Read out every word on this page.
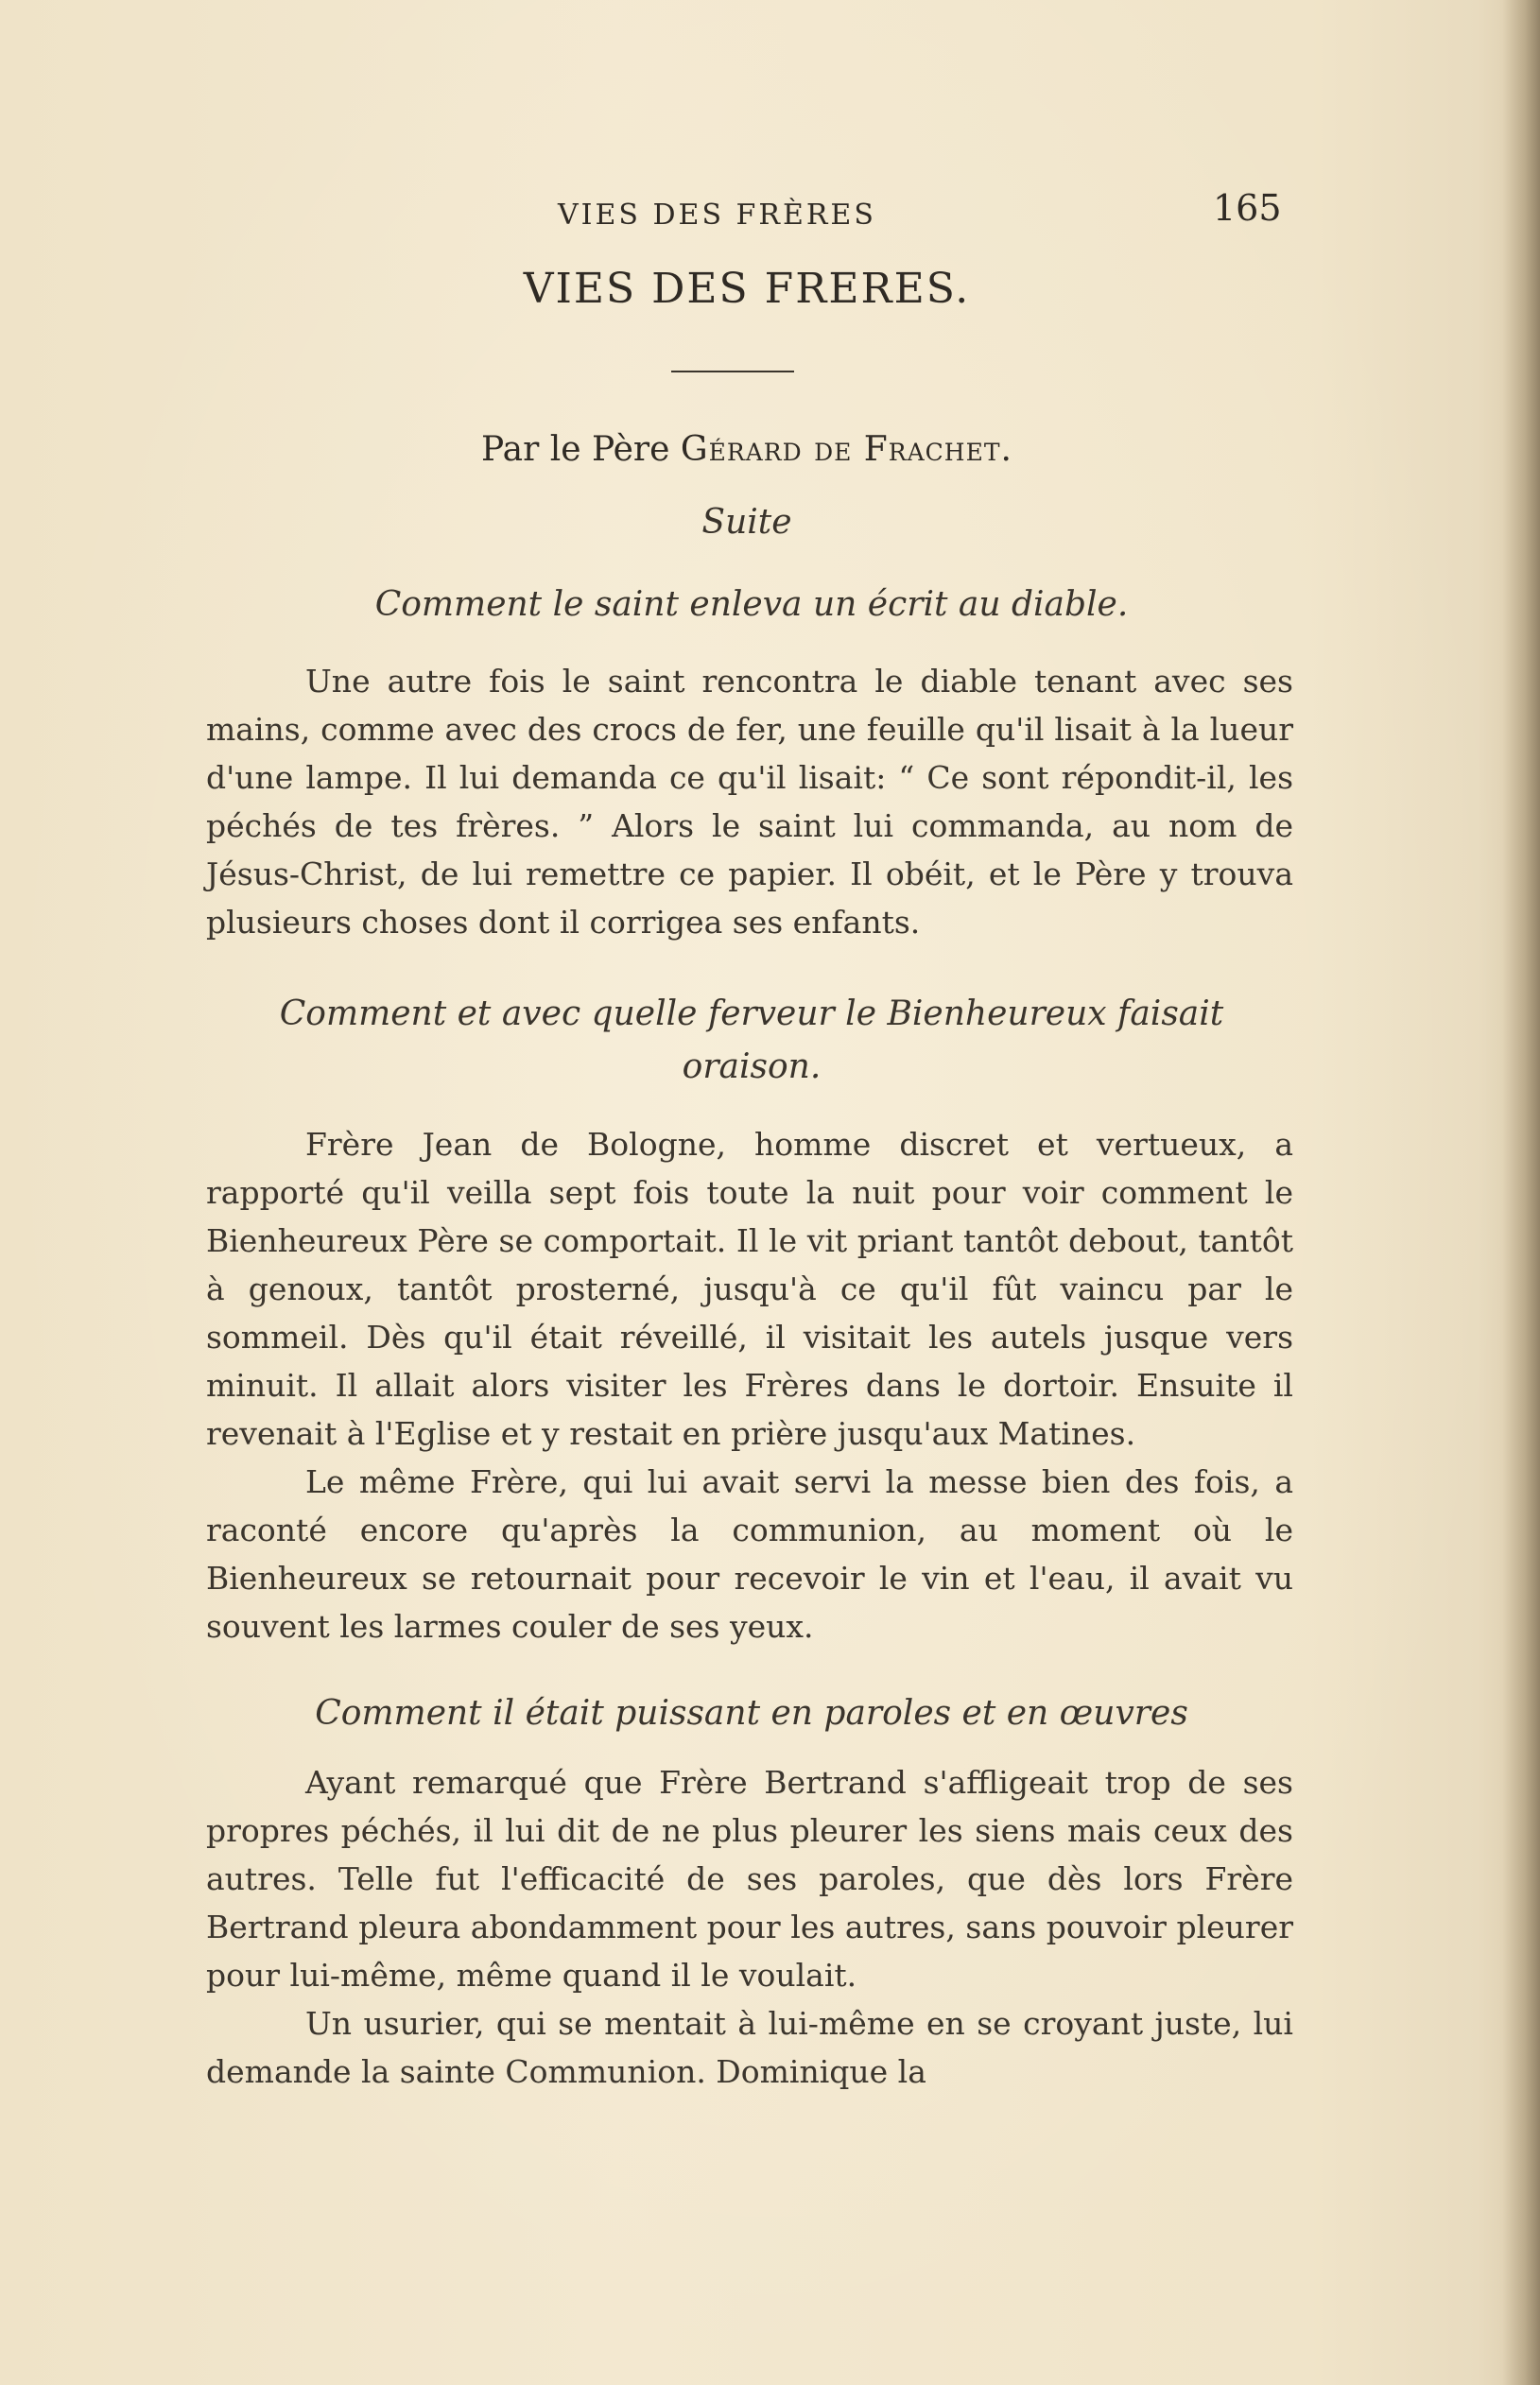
VIES DES FRÈRES	165
VIES DES FRERES.
Par le Père Gérard de Frachet.
Suite
Comment le saint enleva un écrit au diable.

Une autre fois le saint rencontra le diable tenant avec ses mains, comme avec des crocs de fer, une feuille qu'il lisait à la lueur d'une lampe. Il lui demanda ce qu'il lisait: “ Ce sont répondit-il, les péchés de tes frères. ” Alors le saint lui commanda, au nom de Jésus-Christ, de lui remettre ce papier. Il obéit, et le Père y trouva plusieurs choses dont il corrigea ses enfants.

Comment et avec quelle ferveur le Bienheureux faisait oraison.

Frère Jean de Bologne, homme discret et vertueux, a rapporté qu'il veilla sept fois toute la nuit pour voir comment le Bienheureux Père se comportait. Il le vit priant tantôt debout, tantôt à genoux, tantôt prosterné, jusqu'à ce qu'il fût vaincu par le sommeil. Dès qu'il était réveillé, il visitait les autels jusque vers minuit. Il allait alors visiter les Frères dans le dortoir. Ensuite il revenait à l'Eglise et y restait en prière jusqu'aux Matines.

Le même Frère, qui lui avait servi la messe bien des fois, a raconté encore qu'après la communion, au moment où le Bienheureux se retournait pour recevoir le vin et l'eau, il avait vu souvent les larmes couler de ses yeux.

Comment il était puissant en paroles et en œuvres

Ayant remarqué que Frère Bertrand s'affligeait trop de ses propres péchés, il lui dit de ne plus pleurer les siens mais ceux des autres. Telle fut l'efficacité de ses paroles, que dès lors Frère Bertrand pleura abondamment pour les autres, sans pouvoir pleurer pour lui-même, même quand il le voulait.

Un usurier, qui se mentait à lui-même en se croyant juste, lui demande la sainte Communion. Dominique la
